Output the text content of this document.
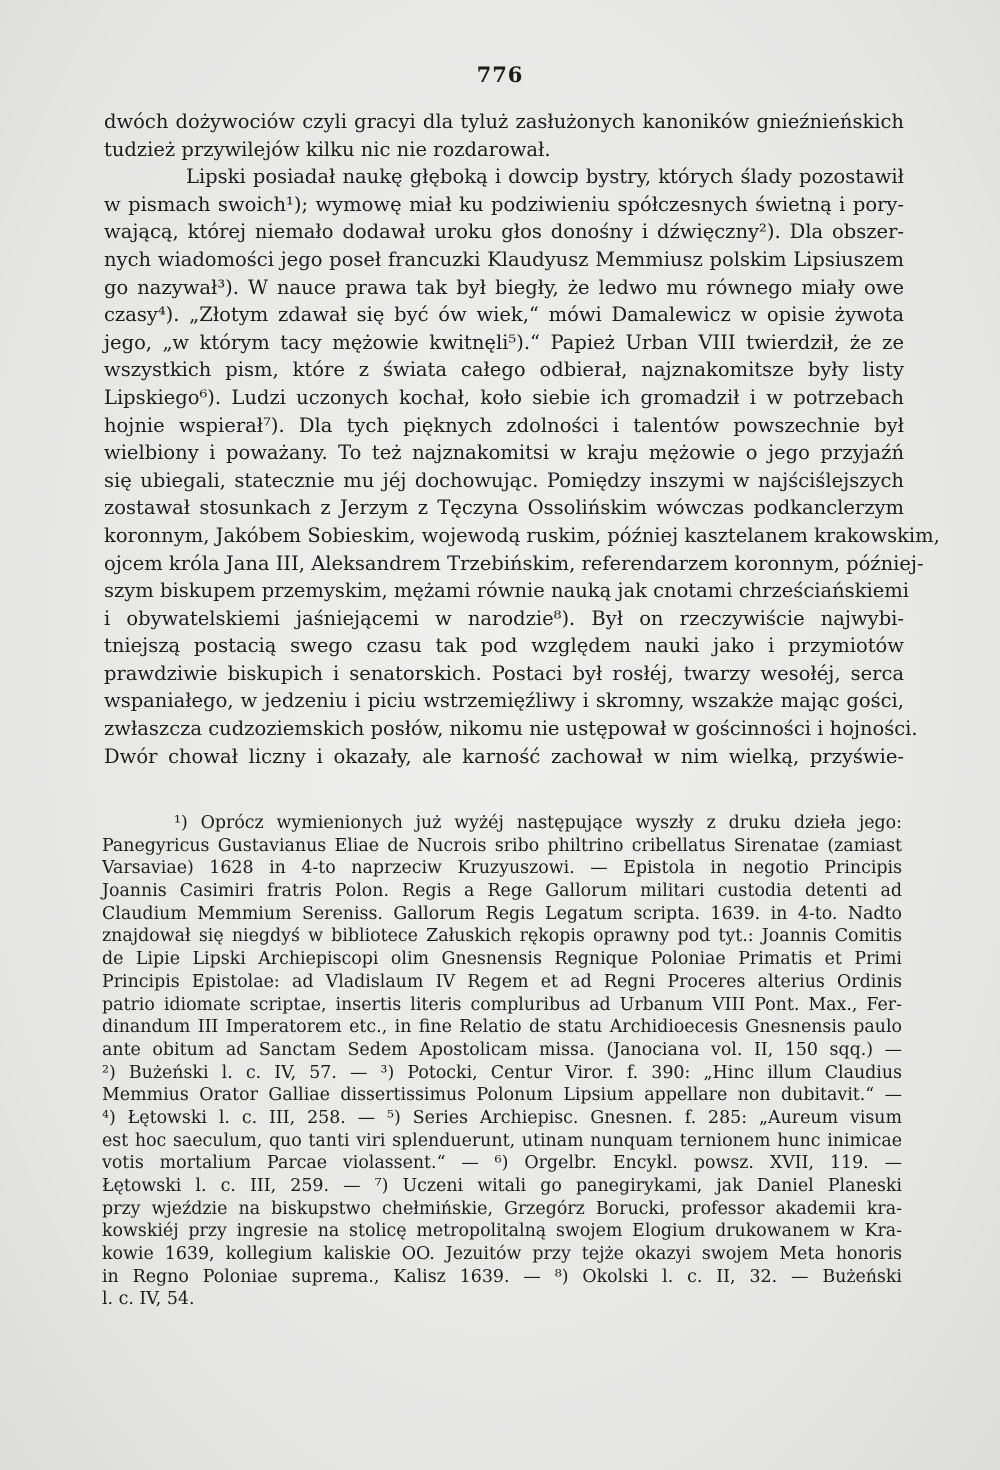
776
dwóch dożywociów czyli gracyi dla tyluż zasłużonych kanoników gnieźnieńskich
tudzież przywilejów kilku nic nie rozdarował.
Lipski posiadał naukę głęboką i dowcip bystry, których ślady pozostawił
w pismach swoich¹); wymowę miał ku podziwieniu spółczesnych świetną i pory-
wającą, której niemało dodawał uroku głos donośny i dźwięczny²). Dla obszer-
nych wiadomości jego poseł francuzki Klaudyusz Memmiusz polskim Lipsiuszem
go nazywał³). W nauce prawa tak był biegły, że ledwo mu równego miały owe
czasy⁴). „Złotym zdawał się być ów wiek,“ mówi Damalewicz w opisie żywota
jego, „w którym tacy mężowie kwitnęli⁵).“ Papież Urban VIII twierdził, że ze
wszystkich pism, które z świata całego odbierał, najznakomitsze były listy
Lipskiego⁶). Ludzi uczonych kochał, koło siebie ich gromadził i w potrzebach
hojnie wspierał⁷). Dla tych pięknych zdolności i talentów powszechnie był
wielbiony i poważany. To też najznakomitsi w kraju mężowie o jego przyjaźń
się ubiegali, statecznie mu jéj dochowując. Pomiędzy inszymi w najściślejszych
zostawał stosunkach z Jerzym z Tęczyna Ossolińskim wówczas podkanclerzym
koronnym, Jakóbem Sobieskim, wojewodą ruskim, później kasztelanem krakowskim,
ojcem króla Jana III, Aleksandrem Trzebińskim, referendarzem koronnym, później-
szym biskupem przemyskim, mężami równie nauką jak cnotami chrześciańskiemi
i obywatelskiemi jaśniejącemi w narodzie⁸). Był on rzeczywiście najwybi-
tniejszą postacią swego czasu tak pod względem nauki jako i przymiotów
prawdziwie biskupich i senatorskich. Postaci był rosłéj, twarzy wesołéj, serca
wspaniałego, w jedzeniu i piciu wstrzemięźliwy i skromny, wszakże mając gości,
zwłaszcza cudzoziemskich posłów, nikomu nie ustępował w gościnności i hojności.
Dwór chował liczny i okazały, ale karność zachował w nim wielką, przyświe-
¹) Oprócz wymienionych już wyżéj następujące wyszły z druku dzieła jego:
Panegyricus Gustavianus Eliae de Nucrois sribo philtrino cribellatus Sirenatae (zamiast
Varsaviae) 1628 in 4-to naprzeciw Kruzyuszowi. — Epistola in negotio Principis
Joannis Casimiri fratris Polon. Regis a Rege Gallorum militari custodia detenti ad
Claudium Memmium Sereniss. Gallorum Regis Legatum scripta. 1639. in 4-to. Nadto
znajdował się niegdyś w bibliotece Załuskich rękopis oprawny pod tyt.: Joannis Comitis
de Lipie Lipski Archiepiscopi olim Gnesnensis Regnique Poloniae Primatis et Primi
Principis Epistolae: ad Vladislaum IV Regem et ad Regni Proceres alterius Ordinis
patrio idiomate scriptae, insertis literis compluribus ad Urbanum VIII Pont. Max., Fer-
dinandum III Imperatorem etc., in fine Relatio de statu Archidioecesis Gnesnensis paulo
ante obitum ad Sanctam Sedem Apostolicam missa. (Janociana vol. II, 150 sqq.) —
²) Bużeński l. c. IV, 57. — ³) Potocki, Centur Viror. f. 390: „Hinc illum Claudius
Memmius Orator Galliae dissertissimus Polonum Lipsium appellare non dubitavit.“ —
⁴) Łętowski l. c. III, 258. — ⁵) Series Archiepisc. Gnesnen. f. 285: „Aureum visum
est hoc saeculum, quo tanti viri splenduerunt, utinam nunquam ternionem hunc inimicae
votis mortalium Parcae violassent.“ — ⁶) Orgelbr. Encykl. powsz. XVII, 119. —
Łętowski l. c. III, 259. — ⁷) Uczeni witali go panegirykami, jak Daniel Planeski
przy wjeździe na biskupstwo chełmińskie, Grzegórz Borucki, professor akademii kra-
kowskiéj przy ingresie na stolicę metropolitalną swojem Elogium drukowanem w Kra-
kowie 1639, kollegium kaliskie OO. Jezuitów przy tejże okazyi swojem Meta honoris
in Regno Poloniae suprema., Kalisz 1639. — ⁸) Okolski l. c. II, 32. — Bużeński
l. c. IV, 54.
